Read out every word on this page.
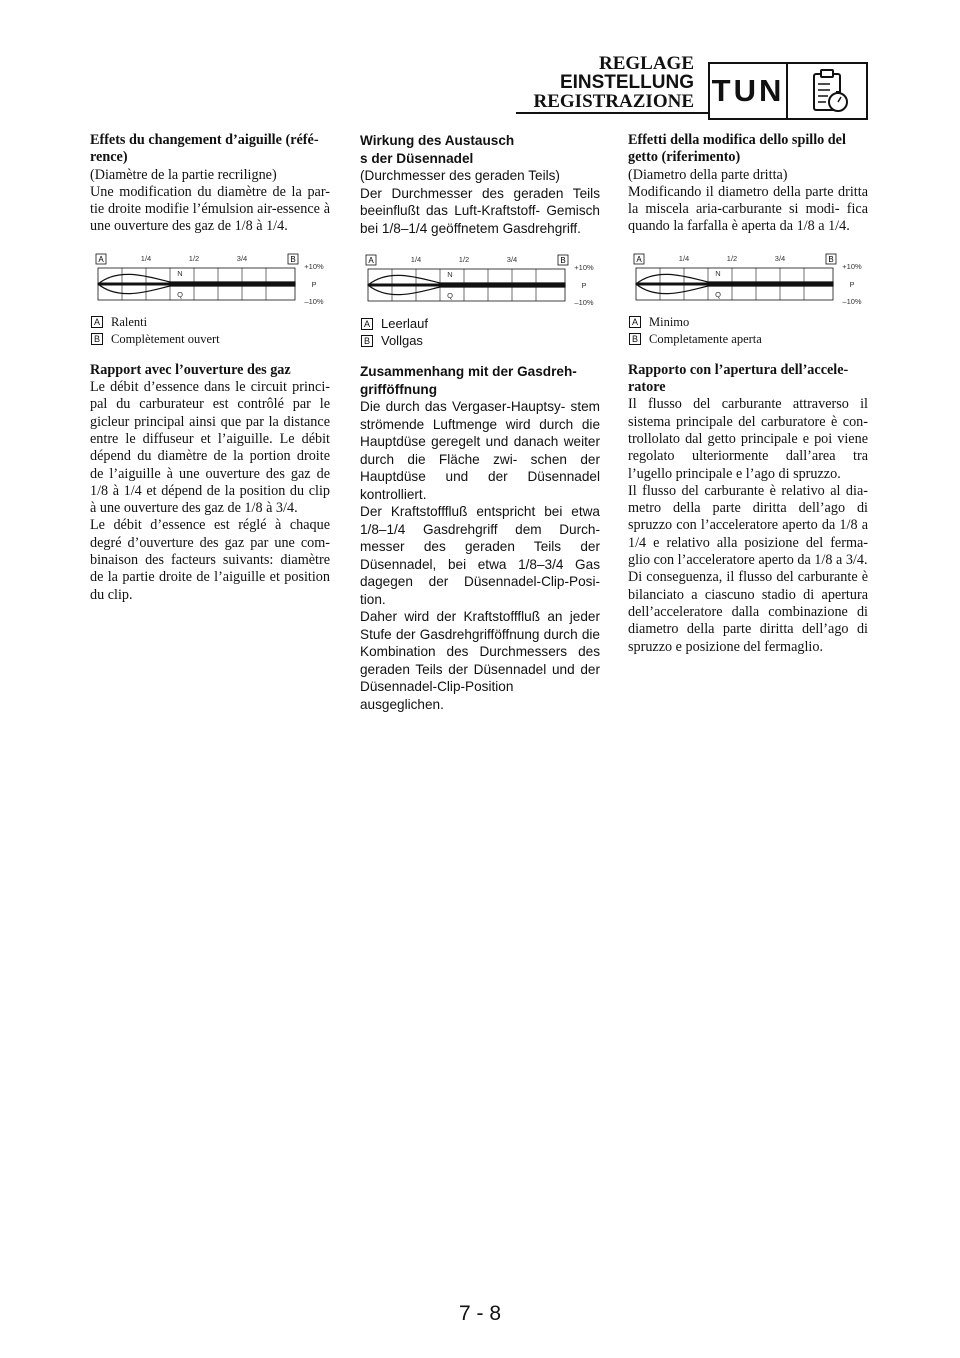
REGLAGE
EINSTELLUNG
REGISTRAZIONE TUN

Effets du changement d’aiguille (réfé-

rence)

(Diamètre de la partie recriligne)

Une modification du diamètre de la par- tie droite modifie l’émulsion air-essence à une ouverture des gaz de 1/8 à 1/4.

A	B
1/4	1/2	3/4
N
Q
+10%
P
–10%
A Ralenti
B Complètement ouvert

Rapport avec l’ouverture des gaz

Le débit d’essence dans le circuit princi- pal du carburateur est contrôlé par le gicleur principal ainsi que par la distance entre le diffuseur et l’aiguille. Le débit dépend du diamètre de la portion droite de l’aiguille à une ouverture des gaz de 1/8 à 1/4 et dépend de la position du clip à une ouverture des gaz de 1/8 à 3/4.

Le débit d’essence est réglé à chaque degré d’ouverture des gaz par une com- binaison des facteurs suivants: diamètre de la partie droite de l’aiguille et position du clip.

Wirkung des Austausch

s der Düsennadel

(Durchmesser des geraden Teils)

Der Durchmesser des geraden Teils beeinflußt das Luft-Kraftstoff- Gemisch bei 1/8–1/4 geöffnetem Gasdrehgriff.

A	B
1/4	1/2	3/4
N
Q
+10%
P
–10%
A Leerlauf
B Vollgas

Zusammenhang mit der Gasdreh-

grifföffnung

Die durch das Vergaser-Hauptsy- stem strömende Luftmenge wird durch die Hauptdüse geregelt und danach weiter durch die Fläche zwi- schen der Hauptdüse und der Düsennadel kontrolliert.

Der Kraftstofffluß entspricht bei etwa 1/8–1/4 Gasdrehgriff dem Durch- messer des geraden Teils der Düsennadel, bei etwa 1/8–3/4 Gas dagegen der Düsennadel-Clip-Posi- tion.

Daher wird der Kraftstofffluß an jeder Stufe der Gasdrehgrifföffnung durch die Kombination des Durchmessers des geraden Teils der Düsennadel und der Düsennadel-Clip-Position ausgeglichen.

Effetti della modifica dello spillo del

getto (riferimento)

(Diametro della parte dritta)

Modificando il diametro della parte dritta la miscela aria-carburante si modi- fica quando la farfalla è aperta da 1/8 a 1/4.

A	B
1/4	1/2	3/4
N
Q
+10%
P
–10%
A Minimo
B Completamente aperta

Rapporto con l’apertura dell’accele-

ratore

Il flusso del carburante attraverso il sistema principale del carburatore è con- trollolato dal getto principale e poi viene regolato ulteriormente dall’area tra l’ugello principale e l’ago di spruzzo.

Il flusso del carburante è relativo al dia- metro della parte diritta dell’ago di spruzzo con l’acceleratore aperto da 1/8 a 1/4 e relativo alla posizione del ferma- glio con l’acceleratore aperto da 1/8 a 3/4.

Di conseguenza, il flusso del carburante è bilanciato a ciascuno stadio di apertura dell’acceleratore dalla combinazione di diametro della parte diritta dell’ago di spruzzo e posizione del fermaglio.

7 - 8
